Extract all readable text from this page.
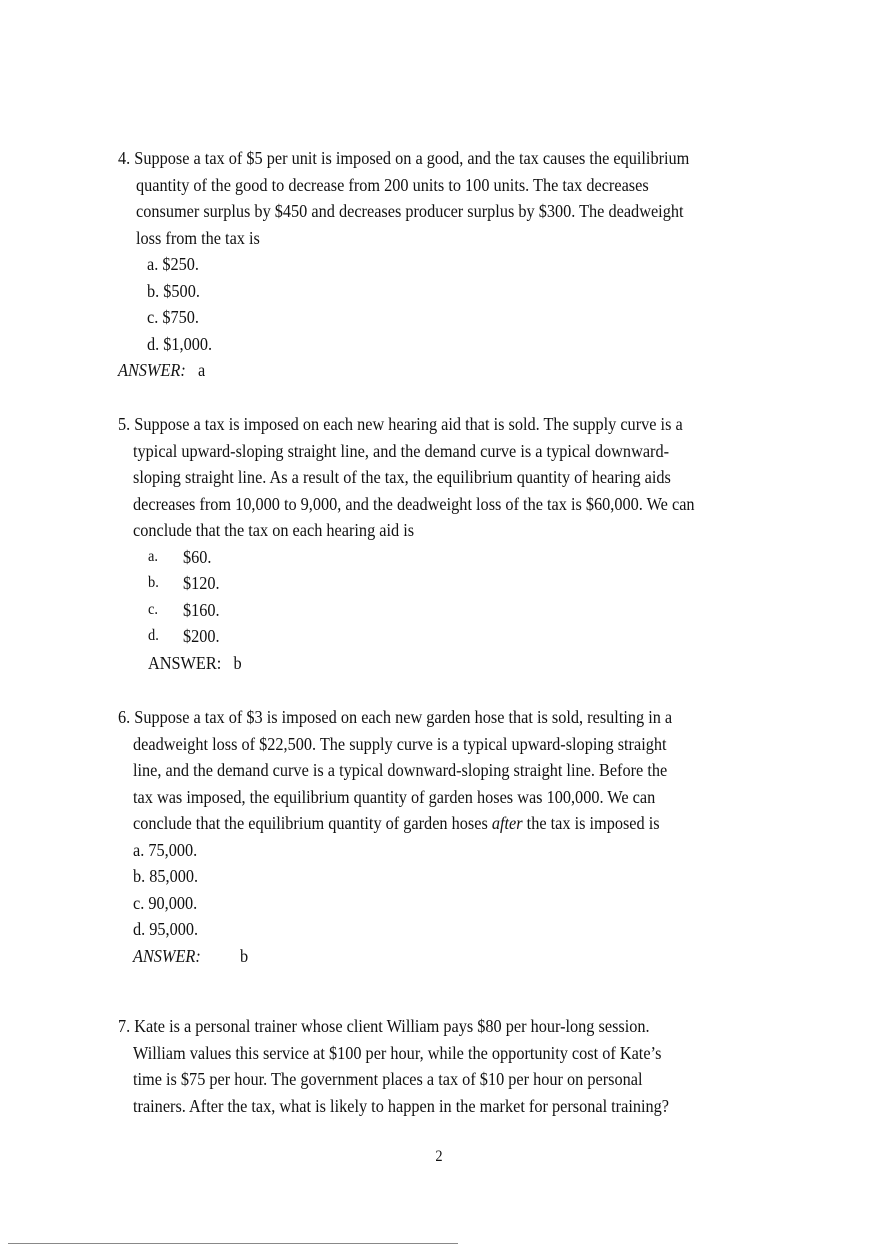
4. Suppose a tax of $5 per unit is imposed on a good, and the tax causes the equilibrium
quantity of the good to decrease from 200 units to 100 units. The tax decreases
consumer surplus by $450 and decreases producer surplus by $300. The deadweight
loss from the tax is
a. $250.
b. $500.
c. $750.
d. $1,000.
ANSWER: a
5. Suppose a tax is imposed on each new hearing aid that is sold. The supply curve is a
typical upward-sloping straight line, and the demand curve is a typical downward-
sloping straight line. As a result of the tax, the equilibrium quantity of hearing aids
decreases from 10,000 to 9,000, and the deadweight loss of the tax is $60,000. We can
conclude that the tax on each hearing aid is
a. $60.
b. $120.
c. $160.
d. $200.
ANSWER: b
6. Suppose a tax of $3 is imposed on each new garden hose that is sold, resulting in a
deadweight loss of $22,500. The supply curve is a typical upward-sloping straight
line, and the demand curve is a typical downward-sloping straight line. Before the
tax was imposed, the equilibrium quantity of garden hoses was 100,000. We can
conclude that the equilibrium quantity of garden hoses after the tax is imposed is
a. 75,000.
b. 85,000.
c. 90,000.
d. 95,000.
ANSWER: b
7. Kate is a personal trainer whose client William pays $80 per hour-long session.
William values this service at $100 per hour, while the opportunity cost of Kate’s
time is $75 per hour. The government places a tax of $10 per hour on personal
trainers. After the tax, what is likely to happen in the market for personal training?
2
